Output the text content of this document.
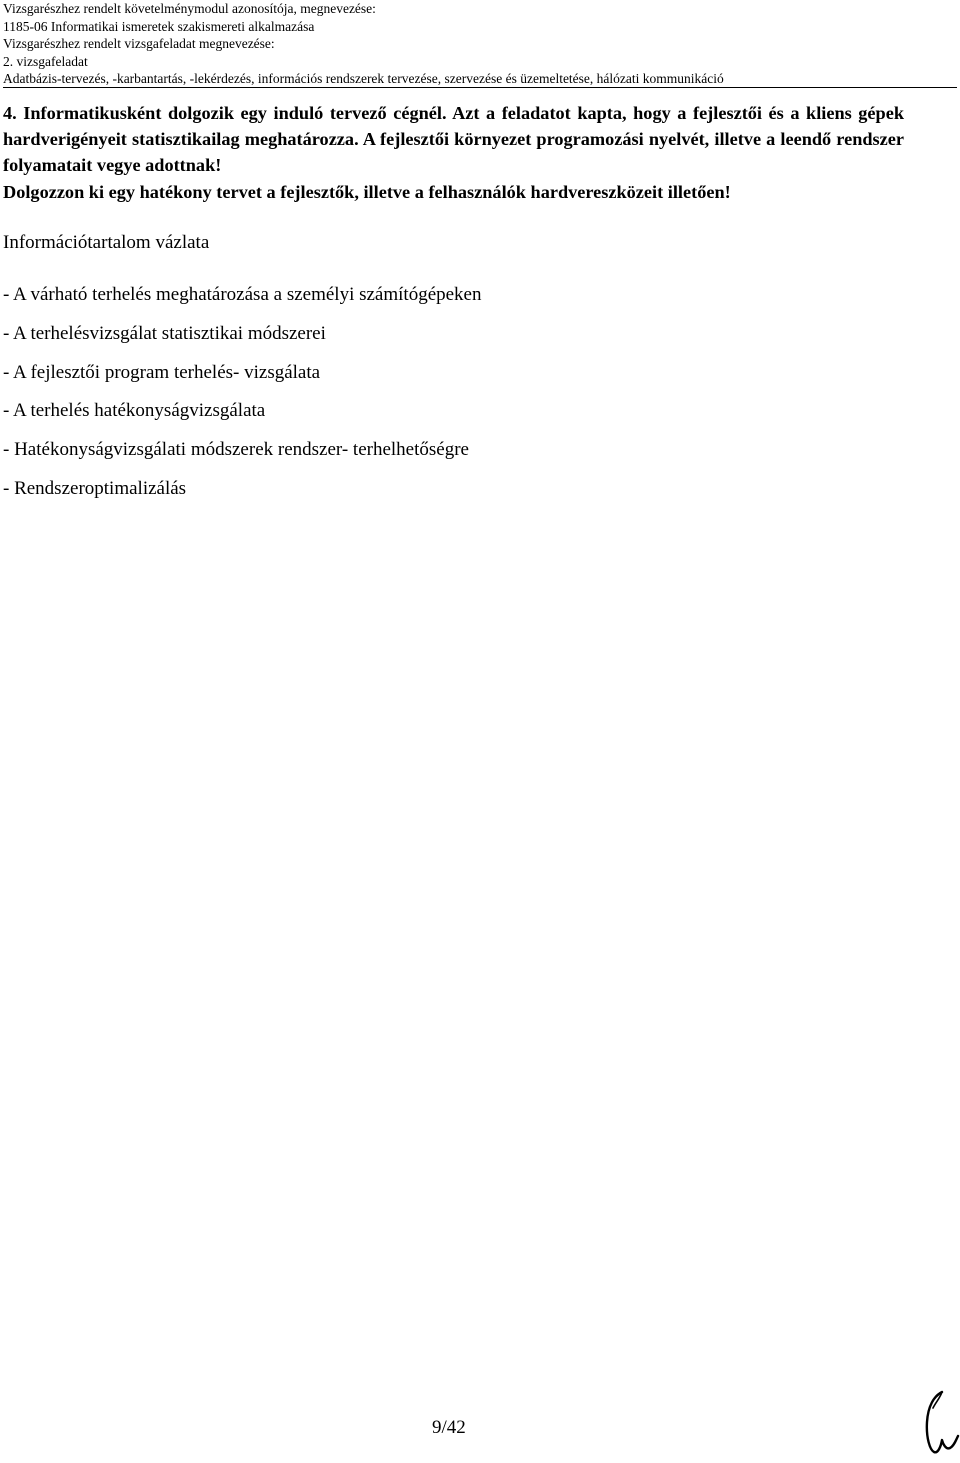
Vizsgarészhez rendelt követelménymodul azonosítója, megnevezése:
1185-06 Informatikai ismeretek szakismereti alkalmazása
Vizsgarészhez rendelt vizsgafeladat megnevezése:
2. vizsgafeladat
Adatbázis-tervezés, -karbantartás, -lekérdezés, információs rendszerek tervezése, szervezése és üzemeltetése, hálózati kommunikáció

4. Informatikusként dolgozik egy induló tervező cégnél. Azt a feladatot kapta, hogy a fejlesztői és a kliens gépek hardverigényeit statisztikailag meghatározza. A fejlesztői környezet programozási nyelvét, illetve a leendő rendszer folyamatait vegye adottnak!

Dolgozzon ki egy hatékony tervet a fejlesztők, illetve a felhasználók hardvereszközeit illetően!

Információtartalom vázlata
- A várható terhelés meghatározása a személyi számítógépeken
- A terhelésvizsgálat statisztikai módszerei
- A fejlesztői program terhelés- vizsgálata
- A terhelés hatékonyságvizsgálata
- Hatékonyságvizsgálati módszerek rendszer- terhelhetőségre
- Rendszeroptimalizálás
9/42
